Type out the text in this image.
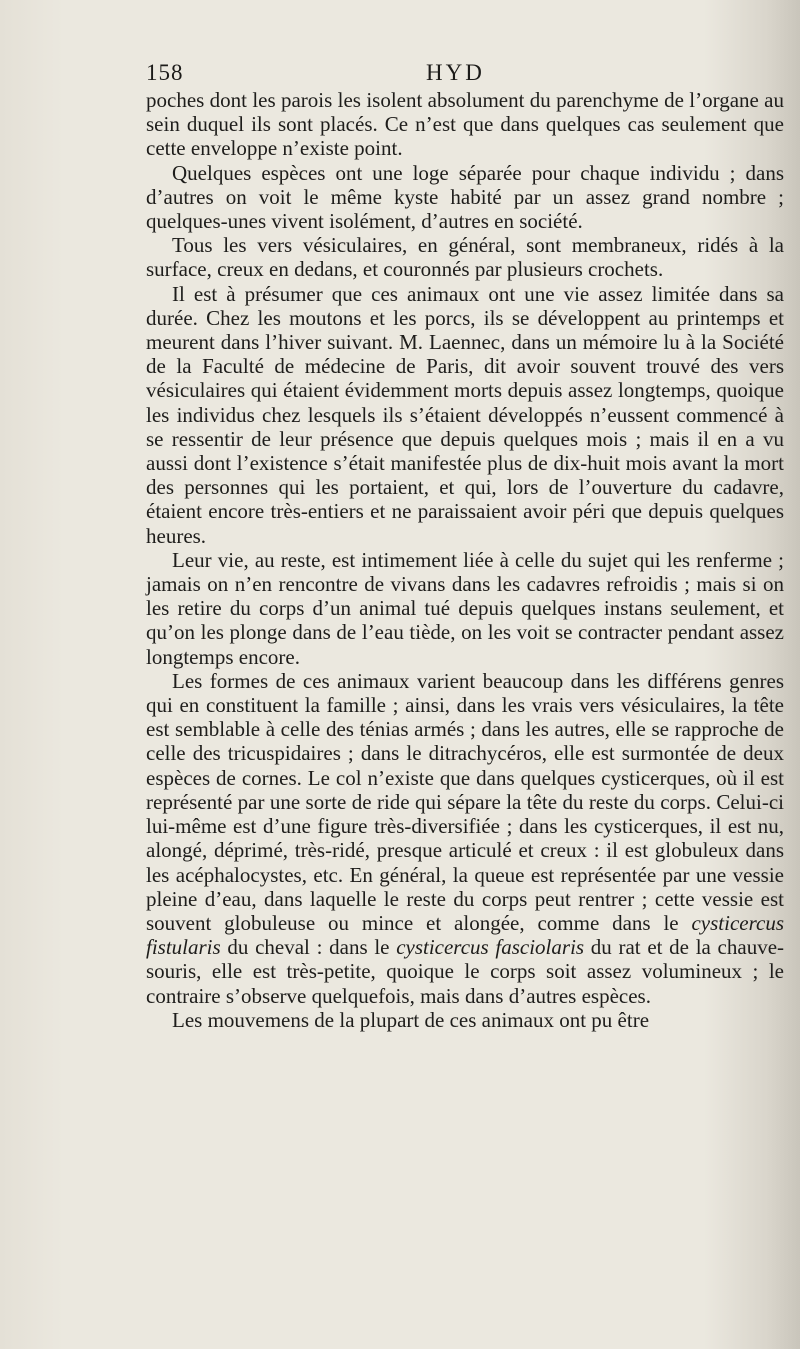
158	HYD

poches dont les parois les isolent absolument du parenchyme de l’organe au sein duquel ils sont placés. Ce n’est que dans quelques cas seulement que cette enveloppe n’existe point.

Quelques espèces ont une loge séparée pour chaque individu ; dans d’autres on voit le même kyste habité par un assez grand nombre ; quelques-unes vivent isolément, d’autres en société.

Tous les vers vésiculaires, en général, sont membraneux, ridés à la surface, creux en dedans, et couronnés par plusieurs crochets.

Il est à présumer que ces animaux ont une vie assez limitée dans sa durée. Chez les moutons et les porcs, ils se développent au printemps et meurent dans l’hiver suivant. M. Laennec, dans un mémoire lu à la Société de la Faculté de médecine de Paris, dit avoir souvent trouvé des vers vésiculaires qui étaient évidemment morts depuis assez longtemps, quoique les individus chez lesquels ils s’étaient développés n’eussent commencé à se ressentir de leur présence que depuis quelques mois ; mais il en a vu aussi dont l’existence s’était manifestée plus de dix-huit mois avant la mort des personnes qui les portaient, et qui, lors de l’ouverture du cadavre, étaient encore très-entiers et ne paraissaient avoir péri que depuis quelques heures.

Leur vie, au reste, est intimement liée à celle du sujet qui les renferme ; jamais on n’en rencontre de vivans dans les cadavres refroidis ; mais si on les retire du corps d’un animal tué depuis quelques instans seulement, et qu’on les plonge dans de l’eau tiède, on les voit se contracter pendant assez longtemps encore.

Les formes de ces animaux varient beaucoup dans les différens genres qui en constituent la famille ; ainsi, dans les vrais vers vésiculaires, la tête est semblable à celle des ténias armés ; dans les autres, elle se rapproche de celle des tricuspidaires ; dans le ditrachycéros, elle est surmontée de deux espèces de cornes. Le col n’existe que dans quelques cysticerques, où il est représenté par une sorte de ride qui sépare la tête du reste du corps. Celui-ci lui-même est d’une figure très-diversifiée ; dans les cysticerques, il est nu, alongé, déprimé, très-ridé, presque articulé et creux : il est globuleux dans les acéphalocystes, etc. En général, la queue est représentée par une vessie pleine d’eau, dans laquelle le reste du corps peut rentrer ; cette vessie est souvent globuleuse ou mince et alongée, comme dans le cysticercus fistularis du cheval : dans le cysticercus fasciolaris du rat et de la chauve-souris, elle est très-petite, quoique le corps soit assez volumineux ; le contraire s’observe quelquefois, mais dans d’autres espèces.

Les mouvemens de la plupart de ces animaux ont pu être
